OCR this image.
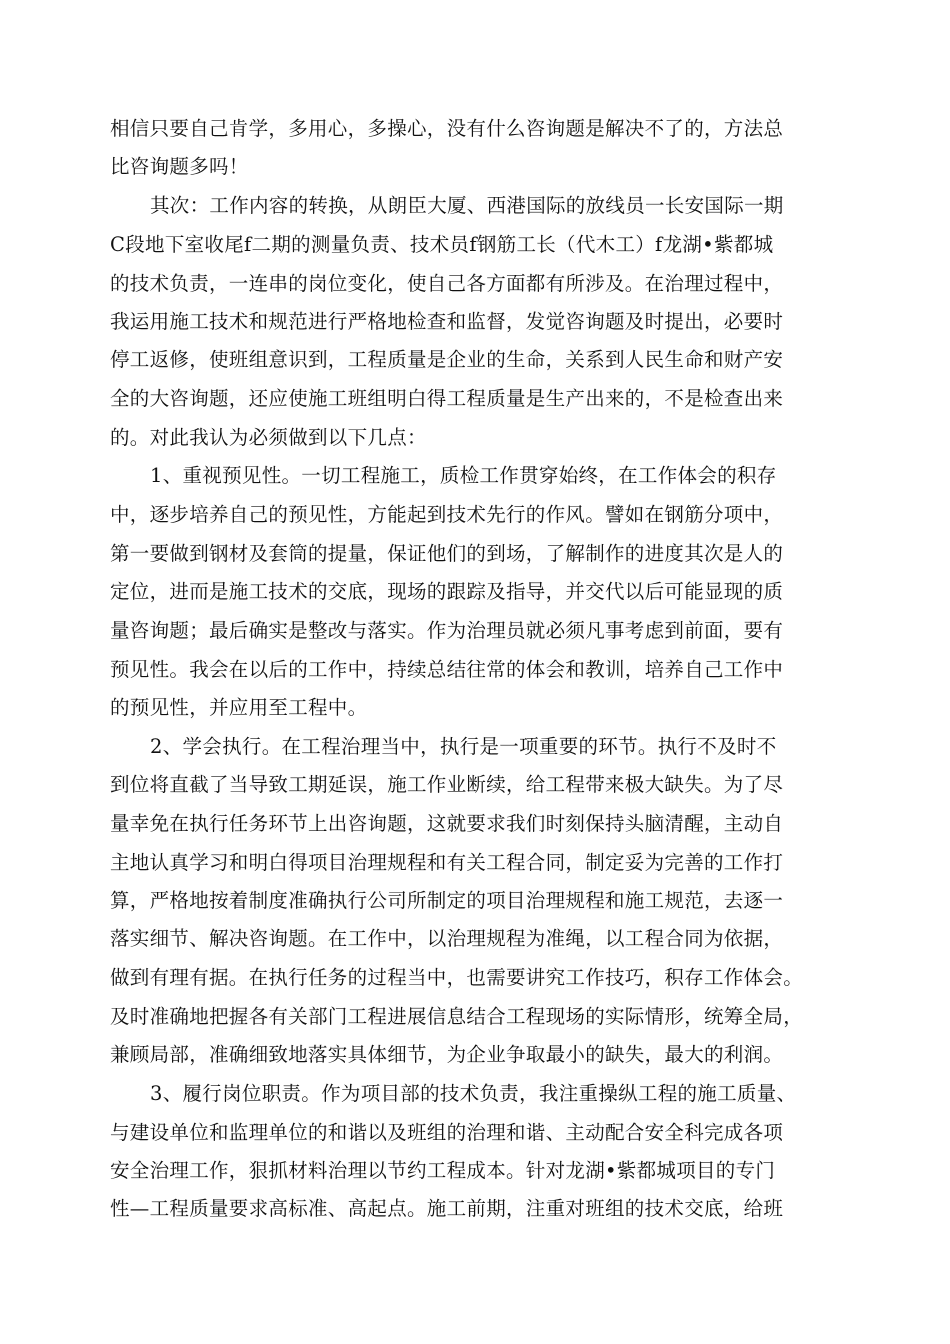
相信只要自己肯学，多用心，多操心，没有什么咨询题是解决不了的，方法总
比咨询题多吗！
其次：工作内容的转换，从朗臣大厦、西港国际的放线员一长安国际一期
C段地下室收尾f二期的测量负责、技术员f钢筋工长（代木工）f龙湖•紫都城
的技术负责，一连串的岗位变化，使自己各方面都有所涉及。在治理过程中，
我运用施工技术和规范进行严格地检查和监督，发觉咨询题及时提出，必要时
停工返修，使班组意识到，工程质量是企业的生命，关系到人民生命和财产安
全的大咨询题，还应使施工班组明白得工程质量是生产出来的，不是检查出来
的。对此我认为必须做到以下几点：
1、重视预见性。一切工程施工，质检工作贯穿始终，在工作体会的积存
中，逐步培养自己的预见性，方能起到技术先行的作风。譬如在钢筋分项中，
第一要做到钢材及套筒的提量，保证他们的到场，了解制作的进度其次是人的
定位，进而是施工技术的交底，现场的跟踪及指导，并交代以后可能显现的质
量咨询题；最后确实是整改与落实。作为治理员就必须凡事考虑到前面，要有
预见性。我会在以后的工作中，持续总结往常的体会和教训，培养自己工作中
的预见性，并应用至工程中。
2、学会执行。在工程治理当中，执行是一项重要的环节。执行不及时不
到位将直截了当导致工期延误，施工作业断续，给工程带来极大缺失。为了尽
量幸免在执行任务环节上出咨询题，这就要求我们时刻保持头脑清醒，主动自
主地认真学习和明白得项目治理规程和有关工程合同，制定妥为完善的工作打
算，严格地按着制度准确执行公司所制定的项目治理规程和施工规范，去逐一
落实细节、解决咨询题。在工作中，以治理规程为准绳，以工程合同为依据，
做到有理有据。在执行任务的过程当中，也需要讲究工作技巧，积存工作体会。
及时准确地把握各有关部门工程进展信息结合工程现场的实际情形，统筹全局，
兼顾局部，准确细致地落实具体细节，为企业争取最小的缺失，最大的利润。
3、履行岗位职责。作为项目部的技术负责，我注重操纵工程的施工质量、
与建设单位和监理单位的和谐以及班组的治理和谐、主动配合安全科完成各项
安全治理工作，狠抓材料治理以节约工程成本。针对龙湖•紫都城项目的专门
性—工程质量要求高标准、高起点。施工前期，注重对班组的技术交底，给班
